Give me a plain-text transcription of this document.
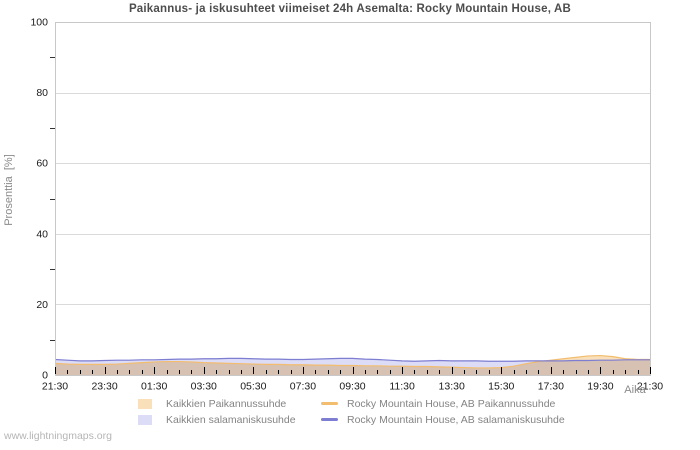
Paikannus- ja iskusuhteet viimeiset 24h Asemalta: Rocky Mountain House, AB
Prosenttia  [%]
0
20
40
60
80
100
21:30 23:30 01:30 03:30 05:30 07:30 09:30 11:30 13:30 15:30 17:30 19:30 21:30
Aika
Kaikkien Paikannussuhde	Rocky Mountain House, AB Paikannussuhde
Kaikkien salamaniskusuhde	Rocky Mountain House, AB salamaniskusuhde
www.lightningmaps.org
